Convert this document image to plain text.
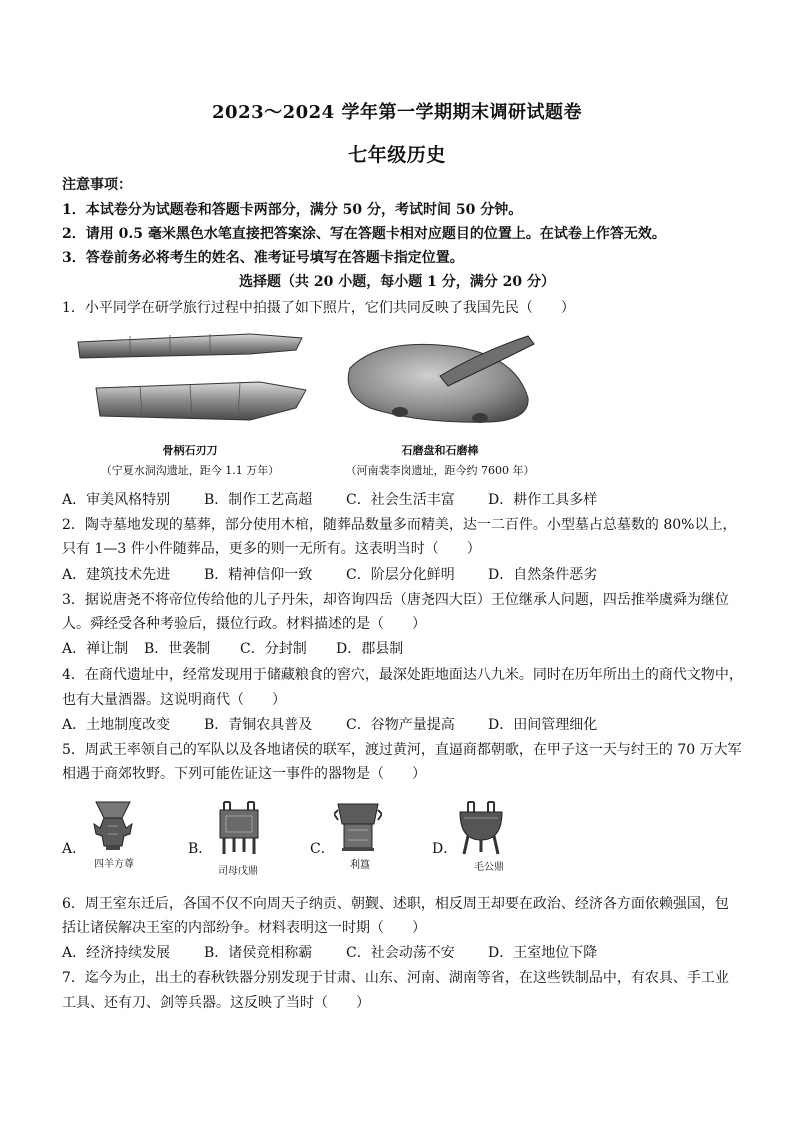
2023～2024 学年第一学期期末调研试题卷
七年级历史
注意事项：
1．本试卷分为试题卷和答题卡两部分，满分 50 分，考试时间 50 分钟。
2．请用 0.5 毫米黑色水笔直接把答案涂、写在答题卡相对应题目的位置上。在试卷上作答无效。
3．答卷前务必将考生的姓名、准考证号填写在答题卡指定位置。
选择题（共 20 小题，每小题 1 分，满分 20 分）
1．小平同学在研学旅行过程中拍摄了如下照片，它们共同反映了我国先民（　　）
骨柄石刃刀
（宁夏水洞沟遗址，距今 1.1 万年）
石磨盘和石磨棒
（河南裴李岗遗址，距今约 7600 年）
A．审美风格特别	B．制作工艺高超	C．社会生活丰富	D．耕作工具多样
2．陶寺墓地发现的墓葬，部分使用木棺，随葬品数量多而精美，达一二百件。小型墓占总墓数的 80%以上，
只有 1—3 件小件随葬品，更多的则一无所有。这表明当时（　　）
A．建筑技术先进	B．精神信仰一致	C．阶层分化鲜明	D．自然条件恶劣
3．据说唐尧不将帝位传给他的儿子丹朱，却咨询四岳（唐尧四大臣）王位继承人问题，四岳推举虞舜为继位
人。舜经受各种考验后，摄位行政。材料描述的是（　　）
A．禅让制	B．世袭制	C．分封制	D．郡县制
4．在商代遗址中，经常发现用于储藏粮食的窖穴，最深处距地面达八九米。同时在历年所出土的商代文物中，
也有大量酒器。这说明商代（　　）
A．土地制度改变	B．青铜农具普及	C．谷物产量提高	D．田间管理细化
5．周武王率领自己的军队以及各地诸侯的联军，渡过黄河，直逼商都朝歌，在甲子这一天与纣王的 70 万大军
相遇于商郊牧野。下列可能佐证这一事件的器物是（　　）
A．
四羊方尊
B．
司母戊鼎
C．
利簋
D．
毛公鼎
6．周王室东迁后，各国不仅不向周天子纳贡、朝觐、述职，相反周王却要在政治、经济各方面依赖强国，包
括让诸侯解决王室的内部纷争。材料表明这一时期（　　）
A．经济持续发展	B．诸侯竞相称霸	C．社会动荡不安	D．王室地位下降
7．迄今为止，出土的春秋铁器分别发现于甘肃、山东、河南、湖南等省，在这些铁制品中，有农具、手工业
工具、还有刀、剑等兵器。这反映了当时（　　）
